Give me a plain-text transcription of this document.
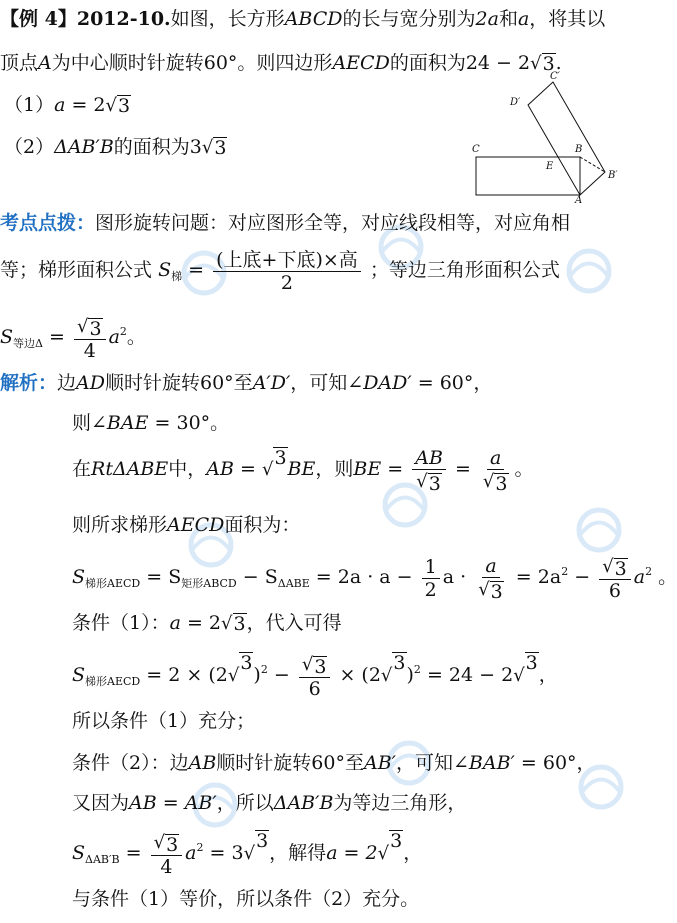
【例 4】2012-10.如图，长方形ABCD的长与宽分别为2a和a，将其以
顶点A为中心顺时针旋转60°。则四边形AECD的面积为24 − 2 √ 3 .
（1）a = 2 √ 3
（2）ΔAB′B的面积为3 √ 3	C	B
E
A
B′
C′
D′
考点点拨：图形旋转问题：对应图形全等，对应线段相等，对应角相
等；梯形面积公式 $S_梯 = \frac{\text{(上底+下底)×高}}{2}$ ；等边三角形面积公式
$S_{等边\Delta} = \frac{√ 3}{4} a^2$。
解析：边AD顺时针旋转60°至A′D′，可知∠DAD′ = 60°，
则∠BAE = 30°。
在RtΔABE中，AB = √
3 BE，则BE = $\frac{AB}{√ 3} = \frac{a}{√ 3}$ 。
则所求梯形AECD面积为：
$S_{梯形AECD} = S_{矩形ABCD} - S_{\Delta ABE} = 2a \cdot a - \frac{1}{2}$ $a \cdot \frac{a}{√ 3} = 2a^2 - \frac{√ 3}{6} a^2$ 。
条件（1）：a = 2 √ 3 ，代入可得
$S_{梯形AECD} = 2 \times (2$ √
3
)$^2 - \frac{√ 3}{6} \times (2$ √
3
)$^2$ = 24 − 2 √
3
，
所以条件（1）充分；
条件（2）：边AB顺时针旋转60°至AB′，可知∠BAB′ = 60°，
又因为AB = AB′，所以ΔAB′B为等边三角形，
$S_{\Delta AB'B} = \frac{√ 3}{4} a^2 = 3$ √
3
，解得a = 2 √
3
，
与条件（1）等价，所以条件（2）充分。
